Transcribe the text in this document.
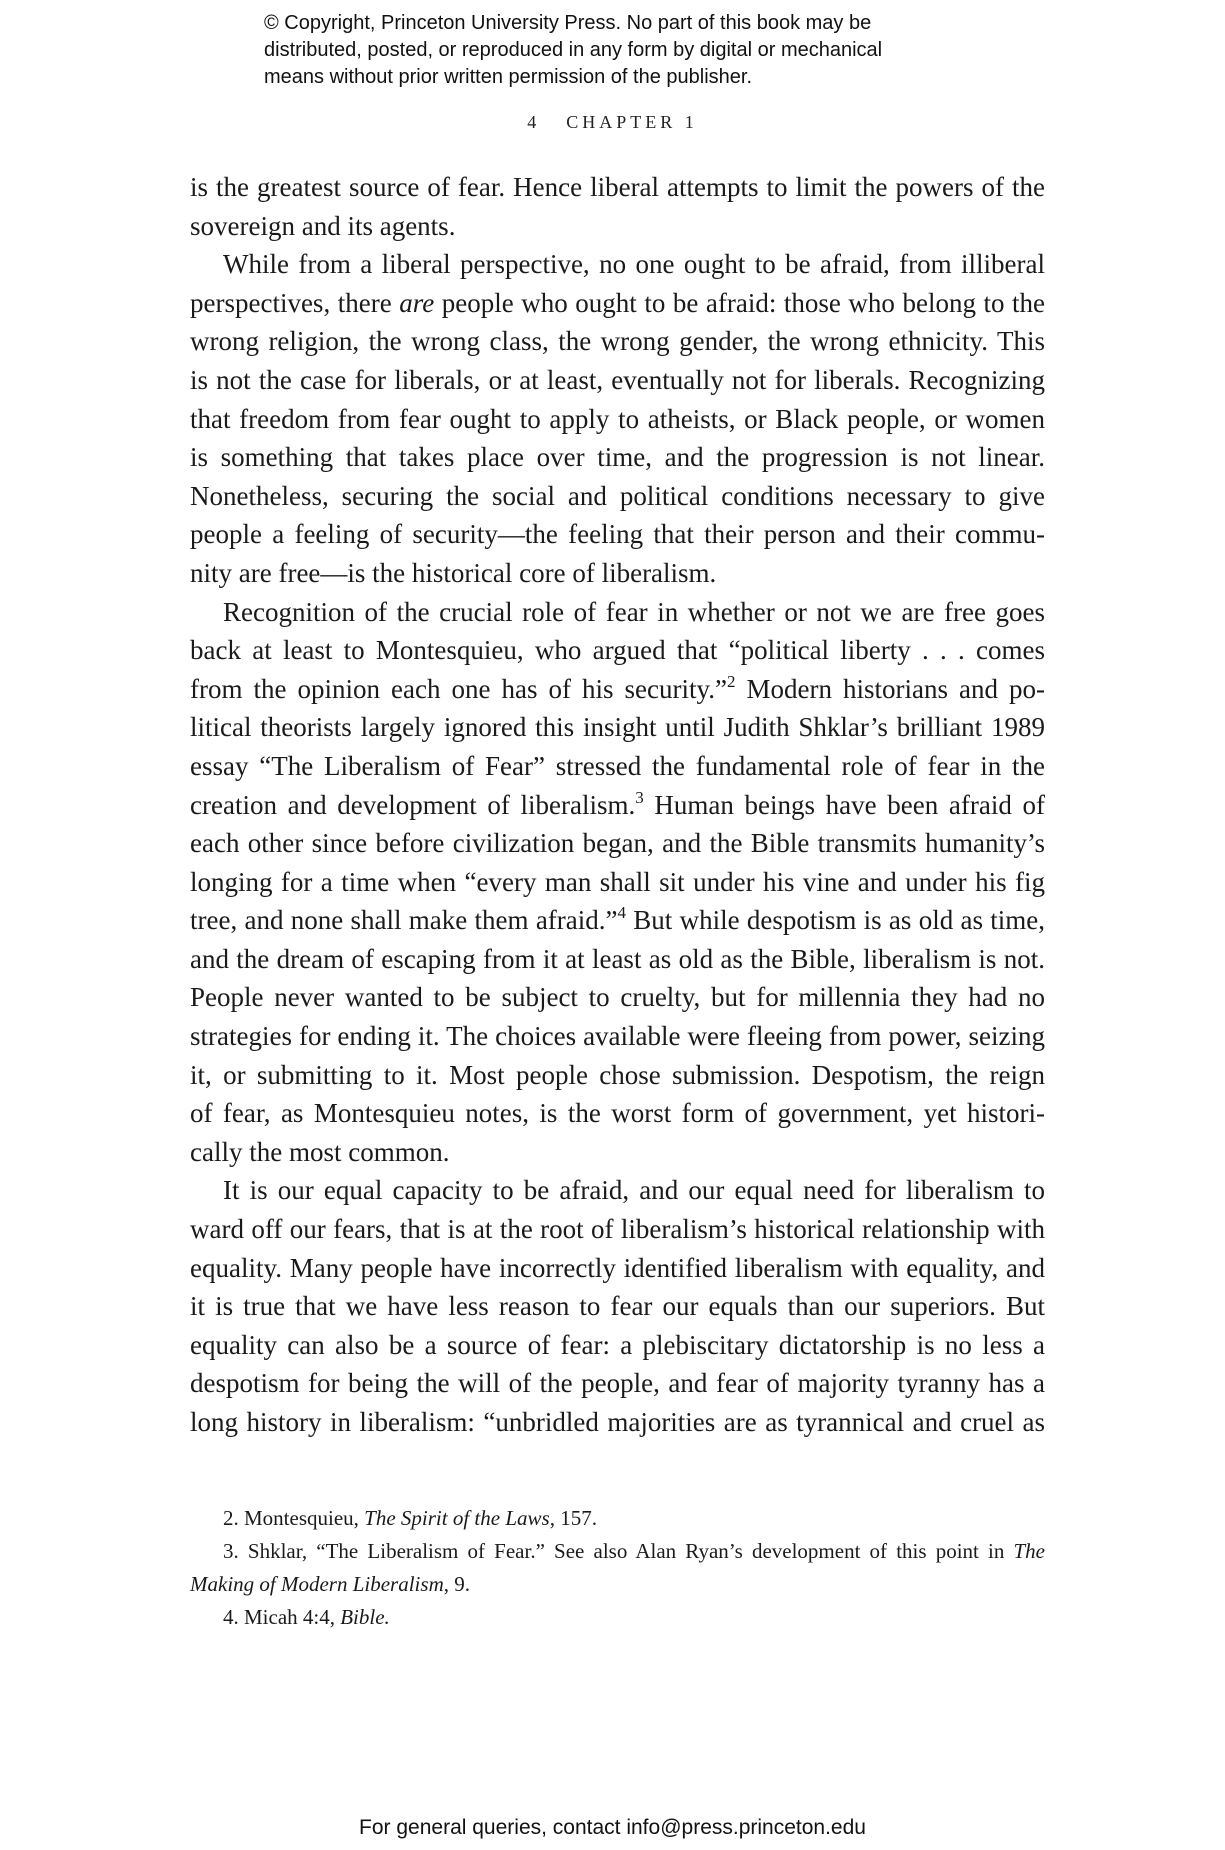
© Copyright, Princeton University Press. No part of this book may be
distributed, posted, or reproduced in any form by digital or mechanical
means without prior written permission of the publisher.
4 CHAPTER 1
is the greatest source of fear. Hence liberal attempts to limit the powers of the
sovereign and its agents.
While from a liberal perspective, no one ought to be afraid, from illiberal
perspectives, there are people who ought to be afraid: those who belong to the
wrong religion, the wrong class, the wrong gender, the wrong ethnicity. This
is not the case for liberals, or at least, eventually not for liberals. Recognizing
that freedom from fear ought to apply to atheists, or Black people, or women
is something that takes place over time, and the progression is not linear.
Nonetheless, securing the social and political conditions necessary to give
people a feeling of security—the feeling that their person and their commu-
nity are free—is the historical core of liberalism.
Recognition of the crucial role of fear in whether or not we are free goes
back at least to Montesquieu, who argued that “political liberty . . . comes
from the opinion each one has of his security.”$^2$ Modern historians and po-
litical theorists largely ignored this insight until Judith Shklar’s brilliant 1989
essay “The Liberalism of Fear” stressed the fundamental role of fear in the
creation and development of liberalism.$^3$ Human beings have been afraid of
each other since before civilization began, and the Bible transmits humanity’s
longing for a time when “every man shall sit under his vine and under his fig
tree, and none shall make them afraid.”$^4$ But while despotism is as old as time,
and the dream of escaping from it at least as old as the Bible, liberalism is not.
People never wanted to be subject to cruelty, but for millennia they had no
strategies for ending it. The choices available were fleeing from power, seizing
it, or submitting to it. Most people chose submission. Despotism, the reign
of fear, as Montesquieu notes, is the worst form of government, yet histori-
cally the most common.
It is our equal capacity to be afraid, and our equal need for liberalism to
ward off our fears, that is at the root of liberalism’s historical relationship with
equality. Many people have incorrectly identified liberalism with equality, and
it is true that we have less reason to fear our equals than our superiors. But
equality can also be a source of fear: a plebiscitary dictatorship is no less a
despotism for being the will of the people, and fear of majority tyranny has a
long history in liberalism: “unbridled majorities are as tyrannical and cruel as
2. Montesquieu, The Spirit of the Laws, 157.
3. Shklar, “The Liberalism of Fear.” See also Alan Ryan’s development of this point in The
Making of Modern Liberalism, 9.
4. Micah 4:4, Bible.
For general queries, contact info@press.princeton.edu
